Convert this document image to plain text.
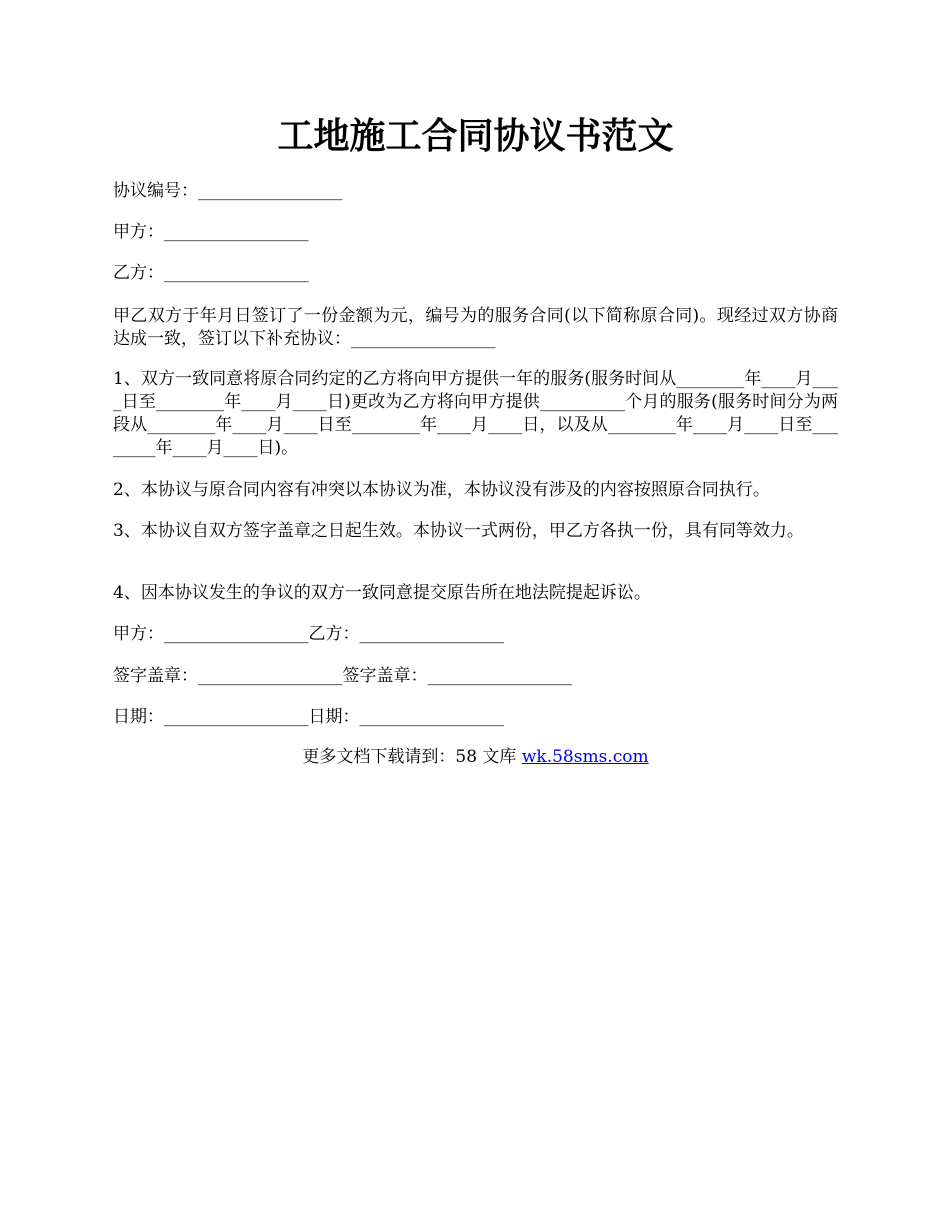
工地施工合同协议书范文
协议编号：_________________
甲方：_________________
乙方：_________________
甲乙双方于年月日签订了一份金额为元，编号为的服务合同(以下简称原合同)。现经过双方协商达成一致，签订以下补充协议：_________________
1、双方一致同意将原合同约定的乙方将向甲方提供一年的服务(服务时间从________年____月____日至________年____月____日)更改为乙方将向甲方提供__________个月的服务(服务时间分为两段从________年____月____日至________年____月____日，以及从________年____月____日至________年____月____日)。
2、本协议与原合同内容有冲突以本协议为准，本协议没有涉及的内容按照原合同执行。
3、本协议自双方签字盖章之日起生效。本协议一式两份，甲乙方各执一份，具有同等效力。
4、因本协议发生的争议的双方一致同意提交原告所在地法院提起诉讼。
甲方：_________________乙方：_________________
签字盖章：_________________签字盖章：_________________
日期：_________________日期：_________________
更多文档下载请到：58 文库 wk.58sms.com
